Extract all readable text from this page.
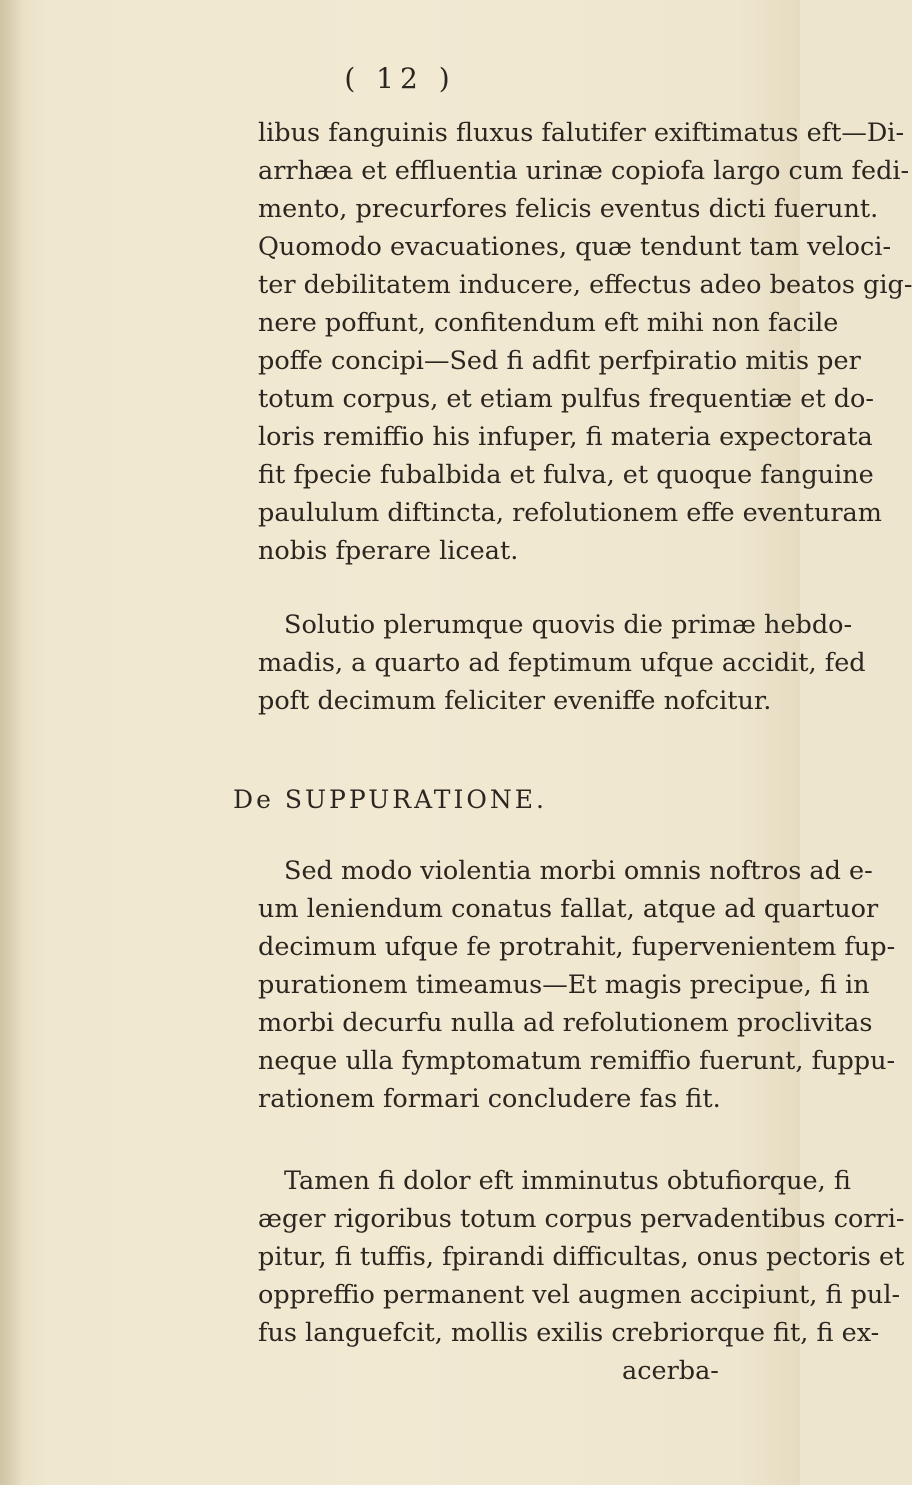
( 12 )
libus fanguinis fluxus falutifer exiftimatus eft—Di-
arrhæa et effluentia urinæ copiofa largo cum fedi-
mento, precurfores felicis eventus dicti fuerunt.
Quomodo evacuationes, quæ tendunt tam veloci-
ter debilitatem inducere, effectus adeo beatos gig-
nere poffunt, confitendum eft mihi non facile
poffe concipi—Sed fi adfit perfpiratio mitis per
totum corpus, et etiam pulfus frequentiæ et do-
loris remiffio his infuper, fi materia expectorata
fit fpecie fubalbida et fulva, et quoque fanguine
paululum diftincta, refolutionem effe eventuram
nobis fperare liceat.
Solutio plerumque quovis die primæ hebdo-
madis, a quarto ad feptimum ufque accidit, fed
poft decimum feliciter eveniffe nofcitur.
De SUPPURATIONE.
Sed modo violentia morbi omnis noftros ad e-
um leniendum conatus fallat, atque ad quartuor
decimum ufque fe protrahit, fupervenientem fup-
purationem timeamus—Et magis precipue, fi in
morbi decurfu nulla ad refolutionem proclivitas
neque ulla fymptomatum remiffio fuerunt, fuppu-
rationem formari concludere fas fit.
Tamen fi dolor eft imminutus obtufiorque, fi
æger rigoribus totum corpus pervadentibus corri-
pitur, fi tuffis, fpirandi difficultas, onus pectoris et
oppreffio permanent vel augmen accipiunt, fi pul-
fus languefcit, mollis exilis crebriorque fit, fi ex-
acerba-
